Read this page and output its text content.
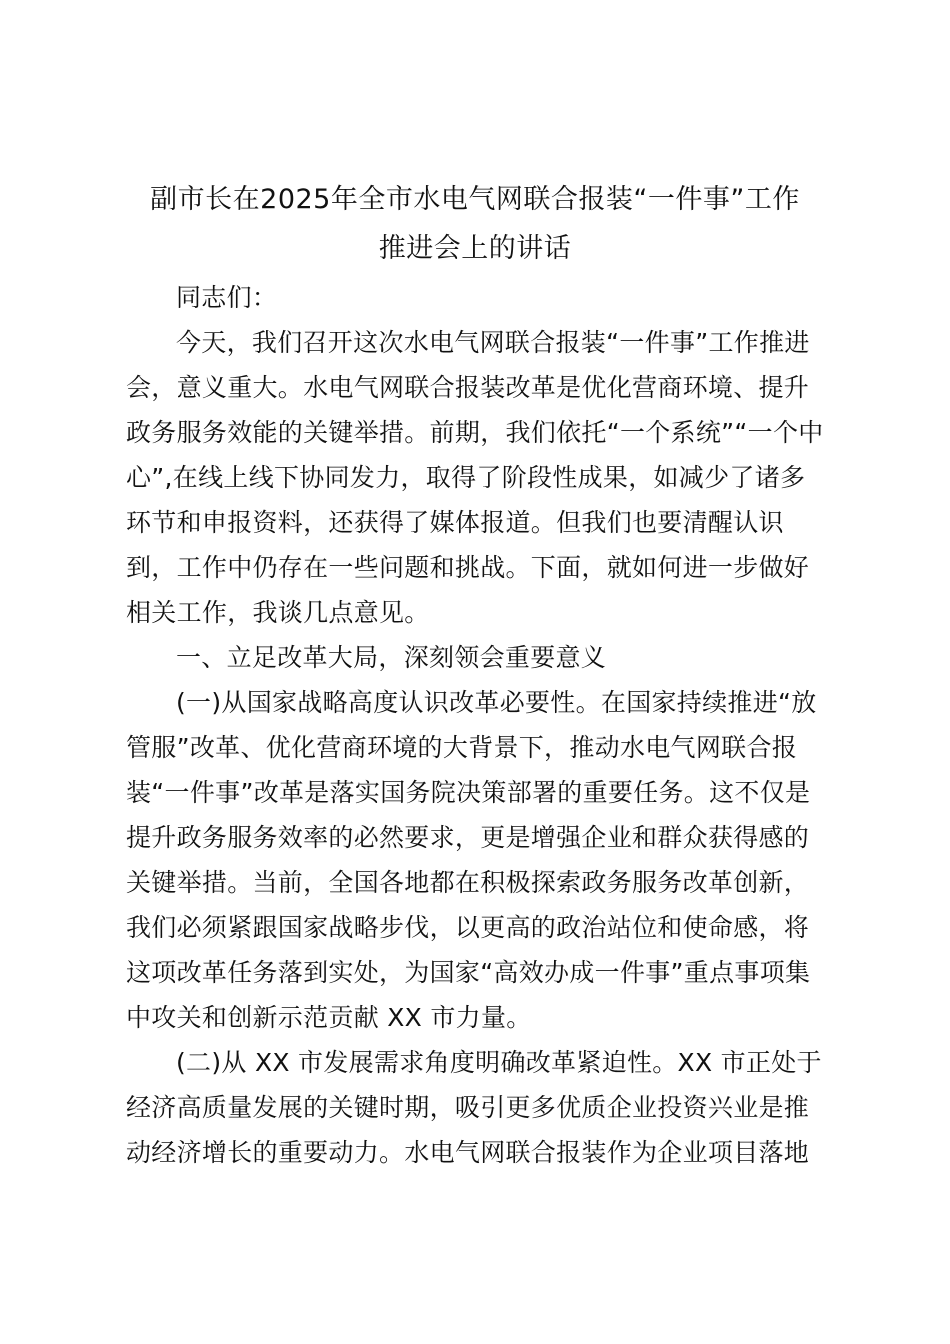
副市长在2025年全市水电气网联合报装“一件事”工作
推进会上的讲话
同志们：
今天，我们召开这次水电气网联合报装“一件事”工作推进
会，意义重大。水电气网联合报装改革是优化营商环境、提升
政务服务效能的关键举措。前期，我们依托“一个系统”“一个中
心”,在线上线下协同发力，取得了阶段性成果，如减少了诸多
环节和申报资料，还获得了媒体报道。但我们也要清醒认识
到，工作中仍存在一些问题和挑战。下面，就如何进一步做好
相关工作，我谈几点意见。
一、立足改革大局，深刻领会重要意义
(一)从国家战略高度认识改革必要性。在国家持续推进“放
管服”改革、优化营商环境的大背景下，推动水电气网联合报
装“一件事”改革是落实国务院决策部署的重要任务。这不仅是
提升政务服务效率的必然要求，更是增强企业和群众获得感的
关键举措。当前，全国各地都在积极探索政务服务改革创新，
我们必须紧跟国家战略步伐，以更高的政治站位和使命感，将
这项改革任务落到实处，为国家“高效办成一件事”重点事项集
中攻关和创新示范贡献 XX 市力量。
(二)从 XX 市发展需求角度明确改革紧迫性。XX 市正处于
经济高质量发展的关键时期，吸引更多优质企业投资兴业是推
动经济增长的重要动力。水电气网联合报装作为企业项目落地
